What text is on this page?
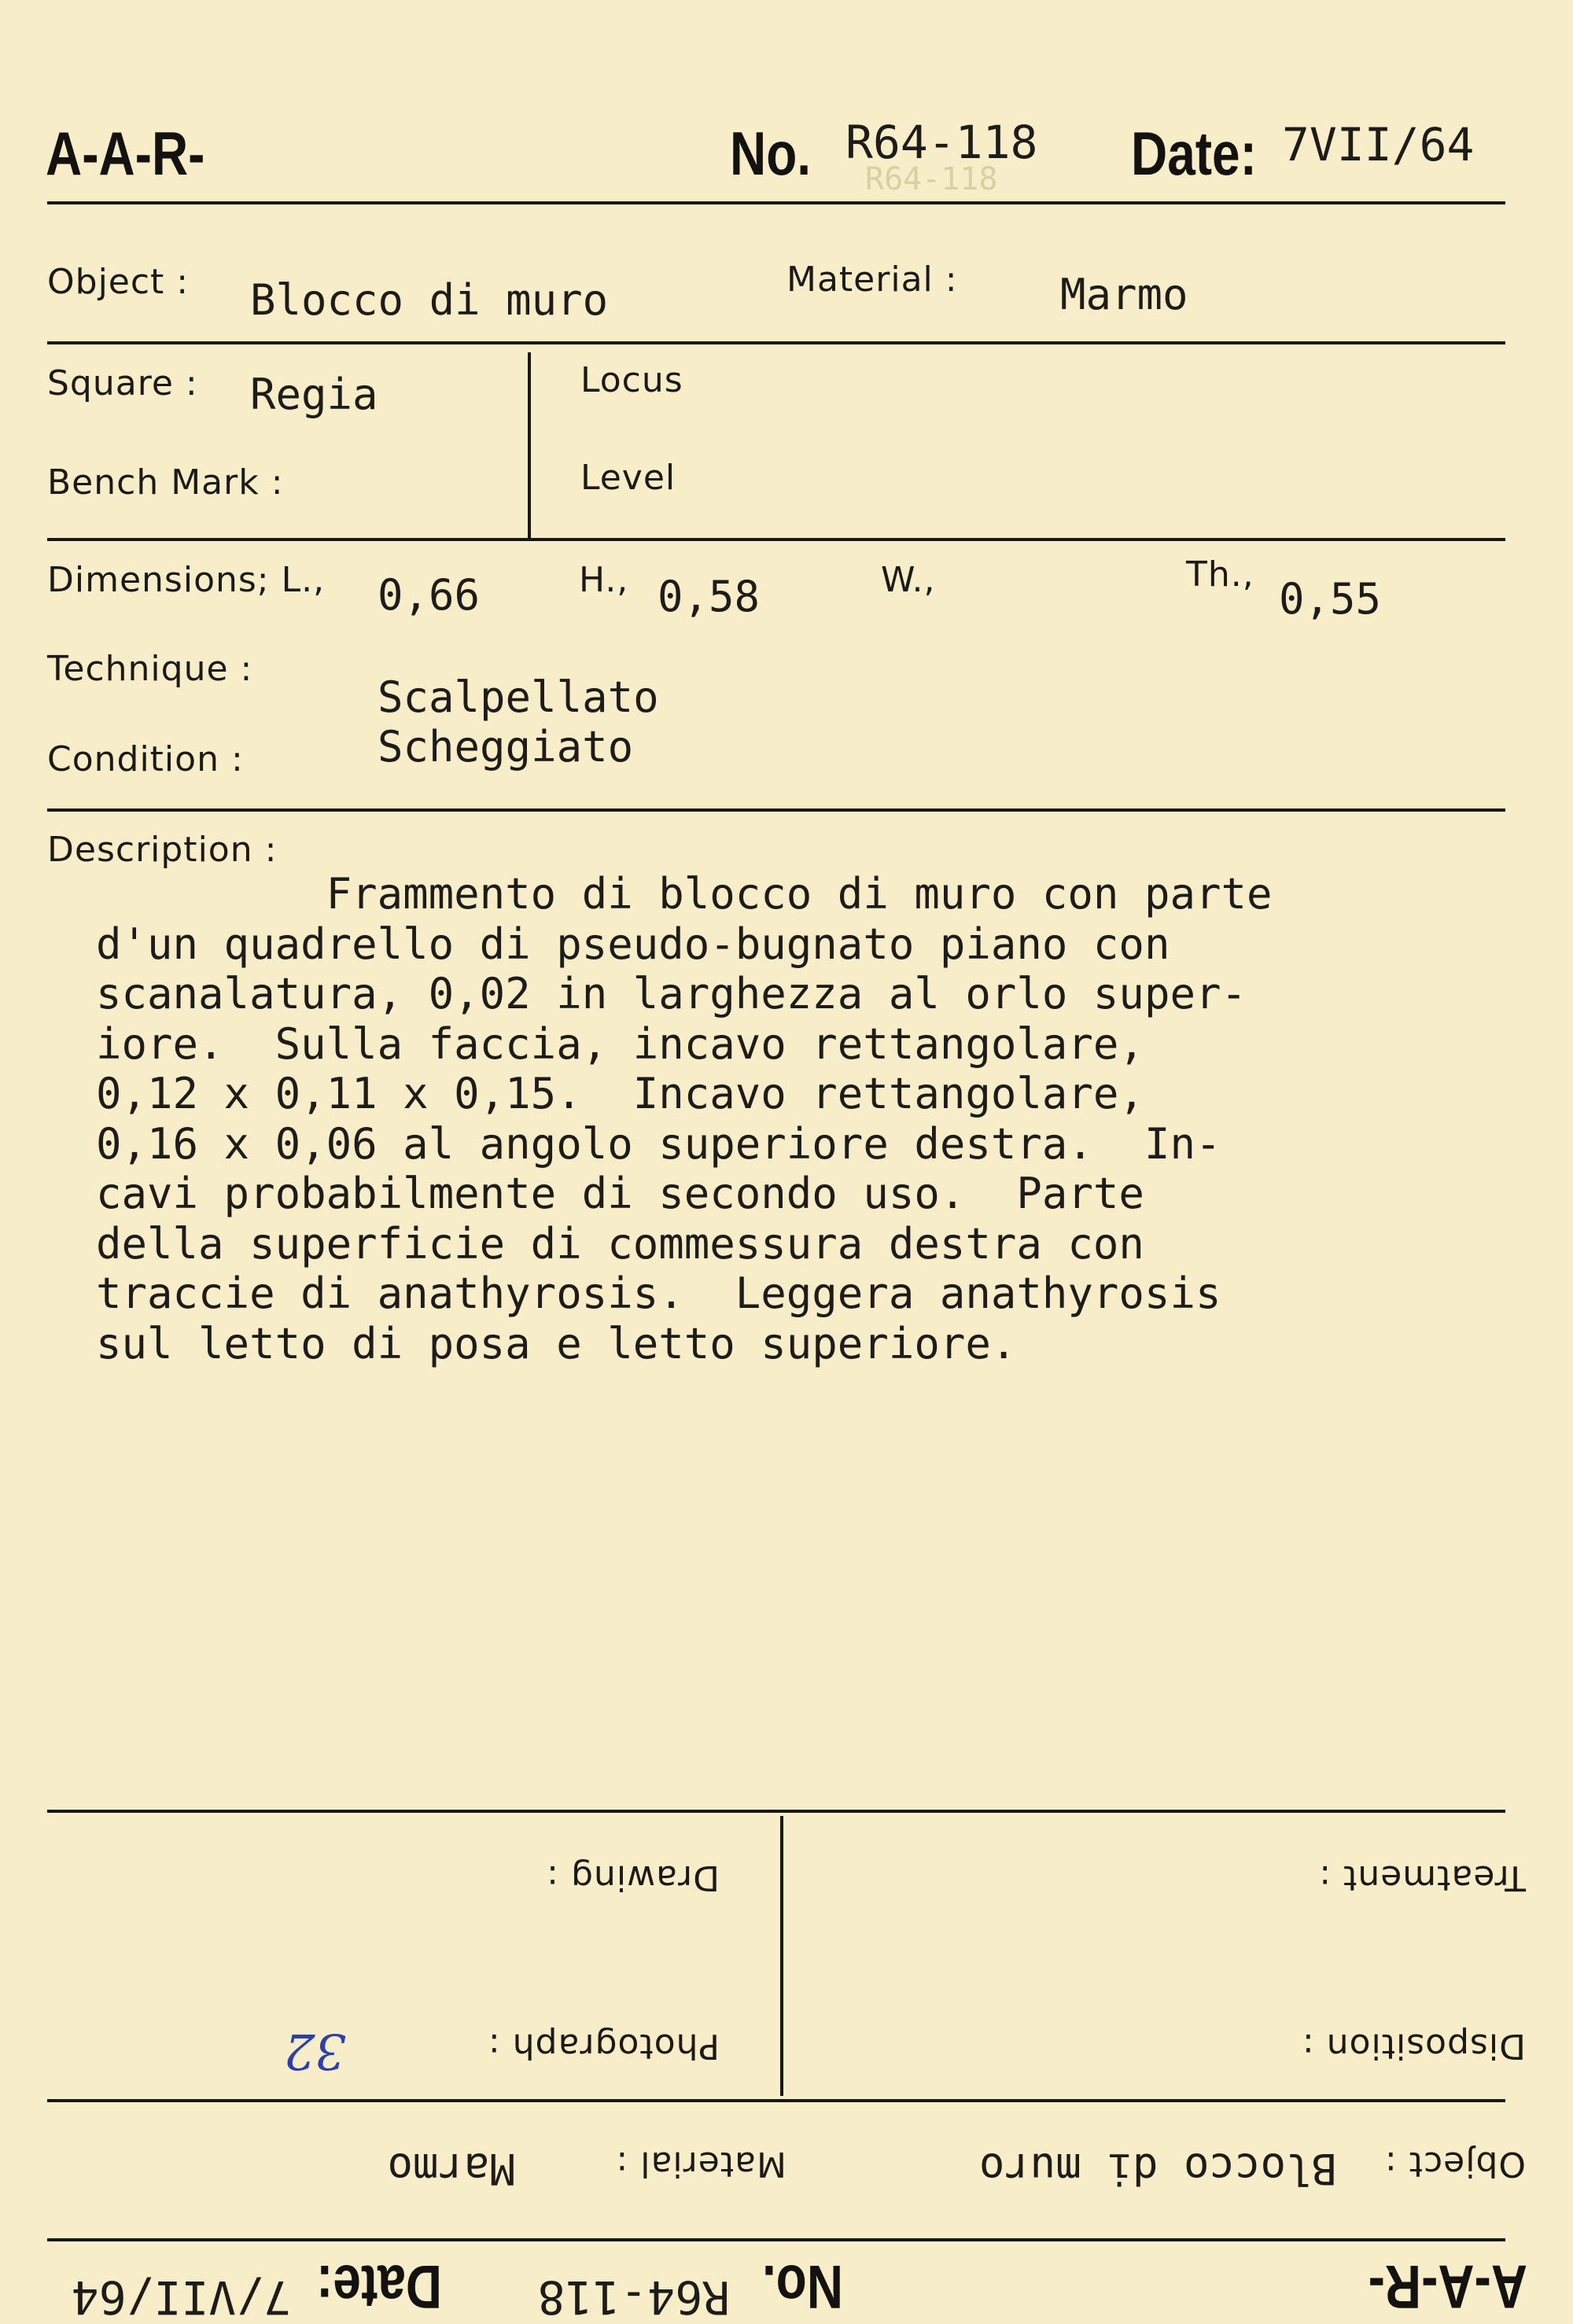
A-A-R-	No. R64-118
R64-118 Date: 7VII/64
Object : Blocco di muro	Material : Marmo
Square : Regia	Locus
Bench Mark :	Level
Dimensions; L., 0,66	H., 0,58	W.,	Th., 0,55
Technique :
Scalpellato
Condition :	Scheggiato
Description :
Frammento di blocco di muro con parte
d'un quadrello di pseudo-bugnato piano con
scanalatura, 0,02 in larghezza al orlo super-
iore.  Sulla faccia, incavo rettangolare,
0,12 x 0,11 x 0,15.  Incavo rettangolare,
0,16 x 0,06 al angolo superiore destra.  In-
cavi probabilmente di secondo uso.  Parte
della superficie di commessura destra con
traccie di anathyrosis.  Leggera anathyrosis
sul letto di posa e letto superiore.
A-A-R-
No.
R64-118
Date:
7/VII/64
Object :
Blocco di muro
Material :
Marmo
Disposition :
Photograph :
32
Treatment :
Drawing :
